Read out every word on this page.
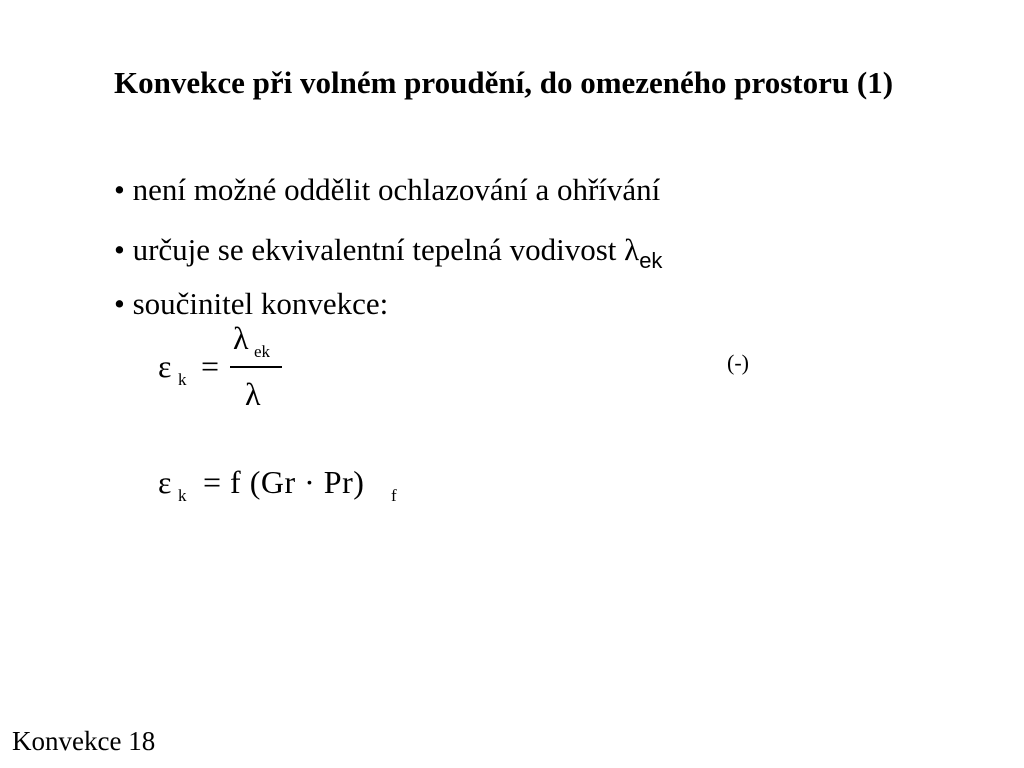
Konvekce při volném proudění, do omezeného prostoru (1)
• není možné oddělit ochlazování a ohřívání
• určuje se ekvivalentní tepelná vodivost $\lambda_{ek}$
• součinitel konvekce:
ε k =
λ ek
λ
(-)
ε k = f (Gr · Pr) f
Konvekce 18
